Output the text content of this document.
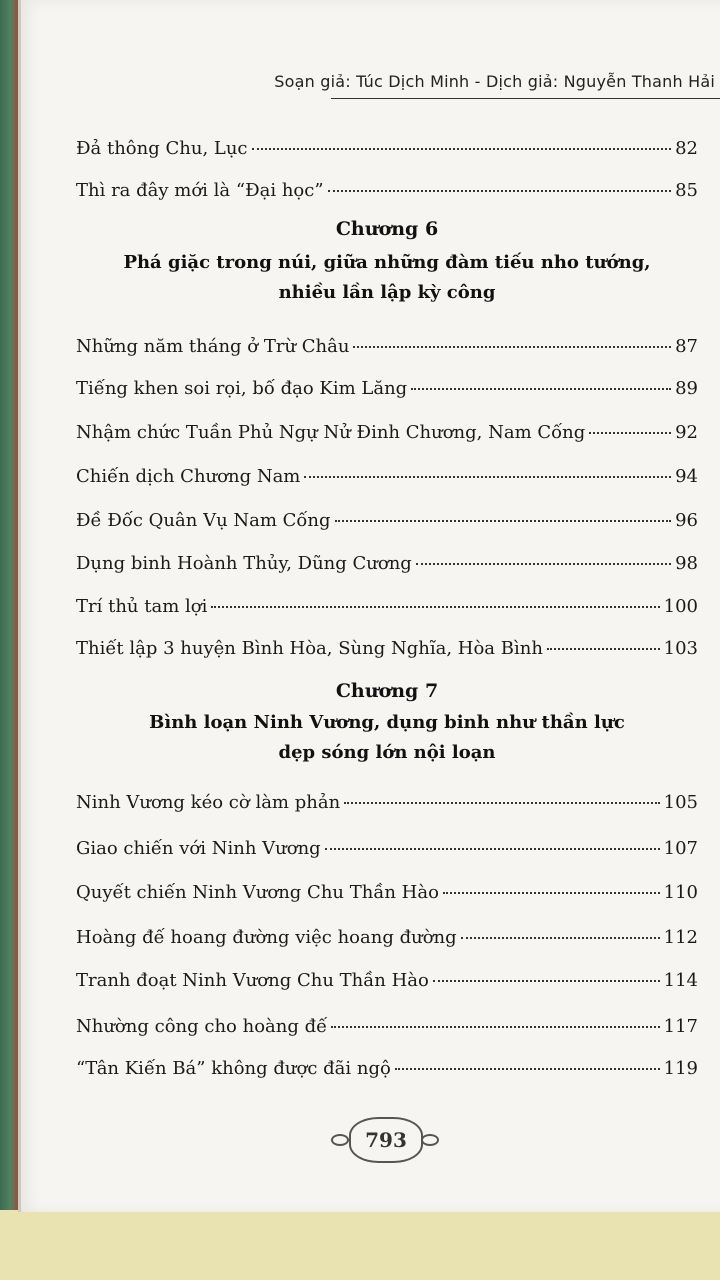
Soạn giả: Túc Dịch Minh - Dịch giả: Nguyễn Thanh Hải
Đả thông Chu, Lục	82
Thì ra đây mới là “Đại học”	85
Chương 6
Phá giặc trong núi, giữa những đàm tiếu nho tướng,
nhiều lần lập kỳ công
Những năm tháng ở Trừ Châu	87
Tiếng khen soi rọi, bố đạo Kim Lăng	89
Nhậm chức Tuần Phủ Ngự Nử Đinh Chương, Nam Cống	92
Chiến dịch Chương Nam	94
Đề Đốc Quân Vụ Nam Cống	96
Dụng binh Hoành Thủy, Dũng Cương	98
Trí thủ tam lợi	100
Thiết lập 3 huyện Bình Hòa, Sùng Nghĩa, Hòa Bình	103
Chương 7
Bình loạn Ninh Vương, dụng binh như thần lực
dẹp sóng lớn nội loạn
Ninh Vương kéo cờ làm phản	105
Giao chiến với Ninh Vương	107
Quyết chiến Ninh Vương Chu Thần Hào	110
Hoàng đế hoang đường việc hoang đường	112
Tranh đoạt Ninh Vương Chu Thần Hào	114
Nhường công cho hoàng đế	117
“Tân Kiến Bá” không được đãi ngộ	119
793
